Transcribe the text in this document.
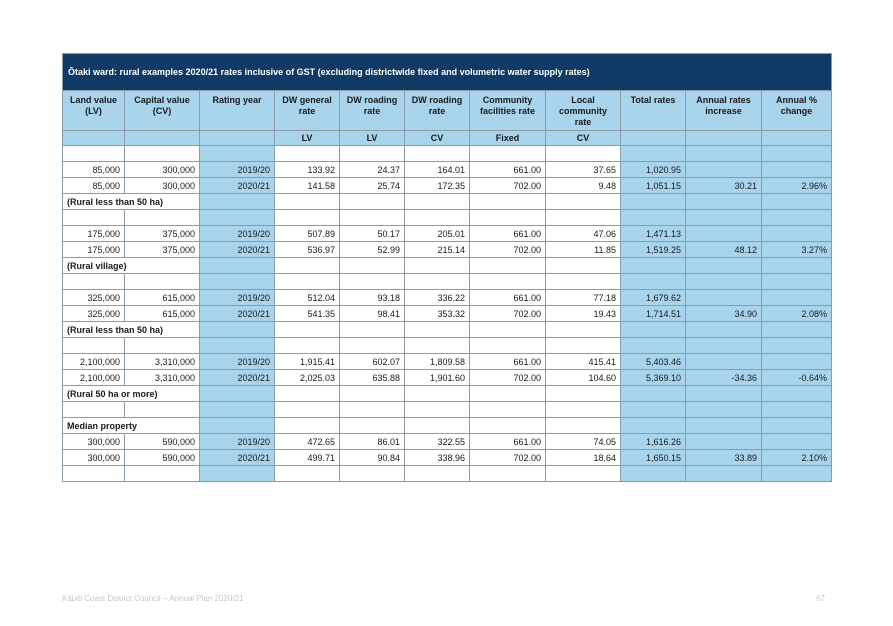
Ōtaki ward: rural examples 2020/21 rates inclusive of GST (excluding districtwide fixed and volumetric water supply rates)										
Land value (LV)	Capital value (CV)	Rating year	DW general rate	DW roading rate	DW roading rate	Community facilities rate	Local community rate	Total rates	Annual rates increase	Annual % change
			LV	LV	CV	Fixed	CV			

85,000	300,000	2019/20	133.92	24.37	164.01	661.00	37.65	1,020.95		
85,000	300,000	2020/21	141.58	25.74	172.35	702.00	9.48	1,051.15	30.21	2.96%
(Rural less than 50 ha)										

175,000	375,000	2019/20	507.89	50.17	205.01	661.00	47.06	1,471.13		
175,000	375,000	2020/21	536.97	52.99	215.14	702.00	11.85	1,519.25	48.12	3.27%
(Rural village)										

325,000	615,000	2019/20	512.04	93.18	336.22	661.00	77.18	1,679.62		
325,000	615,000	2020/21	541.35	98.41	353.32	702.00	19.43	1,714.51	34.90	2.08%
(Rural less than 50 ha)										

2,100,000	3,310,000	2019/20	1,915.41	602.07	1,809.58	661.00	415.41	5,403.46		
2,100,000	3,310,000	2020/21	2,025.03	635.88	1,901.60	702.00	104.60	5,369.10	-34.36	-0.64%
(Rural 50 ha or more)										

Median property										
300,000	590,000	2019/20	472.65	86.01	322.55	661.00	74.05	1,616.26		
300,000	590,000	2020/21	499.71	90.84	338.96	702.00	18.64	1,650.15	33.89	2.10%

Kāpiti Coast District Council – Annual Plan 2020/21	67
